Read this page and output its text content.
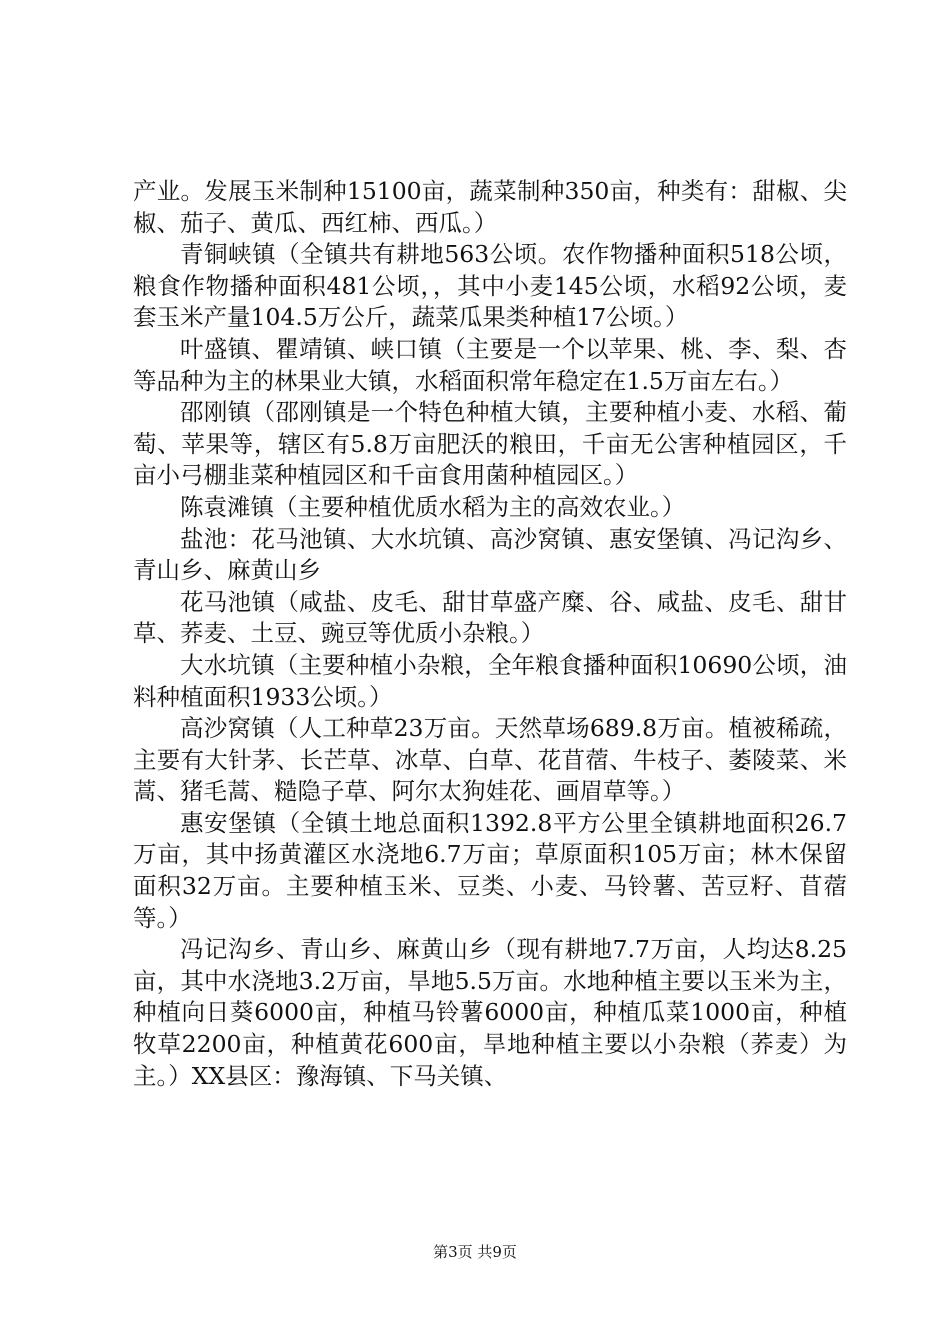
产业。发展玉米制种15100亩，蔬菜制种350亩，种类有：甜椒、尖椒、茄子、黄瓜、西红柿、西瓜。）

青铜峡镇（全镇共有耕地563公顷。农作物播种面积518公顷，粮食作物播种面积481公顷，，其中小麦145公顷，水稻92公顷，麦套玉米产量104.5万公斤，蔬菜瓜果类种植17公顷。）

叶盛镇、瞿靖镇、峡口镇（主要是一个以苹果、桃、李、梨、杏等品种为主的林果业大镇，水稻面积常年稳定在1.5万亩左右。）

邵刚镇（邵刚镇是一个特色种植大镇，主要种植小麦、水稻、葡萄、苹果等，辖区有5.8万亩肥沃的粮田，千亩无公害种植园区，千亩小弓棚韭菜种植园区和千亩食用菌种植园区。）

陈袁滩镇（主要种植优质水稻为主的高效农业。）

盐池：花马池镇、大水坑镇、高沙窝镇、惠安堡镇、冯记沟乡、青山乡、麻黄山乡

花马池镇（咸盐、皮毛、甜甘草盛产糜、谷、咸盐、皮毛、甜甘草、荞麦、土豆、豌豆等优质小杂粮。）

大水坑镇（主要种植小杂粮，全年粮食播种面积10690公顷，油料种植面积1933公顷。）

高沙窝镇（人工种草23万亩。天然草场689.8万亩。植被稀疏，主要有大针茅、长芒草、冰草、白草、花苜蓿、牛枝子、萎陵菜、米蒿、猪毛蒿、糙隐子草、阿尔太狗娃花、画眉草等。）

惠安堡镇（全镇土地总面积1392.8平方公里全镇耕地面积26.7万亩，其中扬黄灌区水浇地6.7万亩；草原面积105万亩；林木保留面积32万亩。主要种植玉米、豆类、小麦、马铃薯、苦豆籽、苜蓿等。）

冯记沟乡、青山乡、麻黄山乡（现有耕地7.7万亩，人均达8.25亩，其中水浇地3.2万亩，旱地5.5万亩。水地种植主要以玉米为主，种植向日葵6000亩，种植马铃薯6000亩，种植瓜菜1000亩，种植牧草2200亩，种植黄花600亩，旱地种植主要以小杂粮（荞麦）为主。）XX县区：豫海镇、下马关镇、

第3页 共9页
